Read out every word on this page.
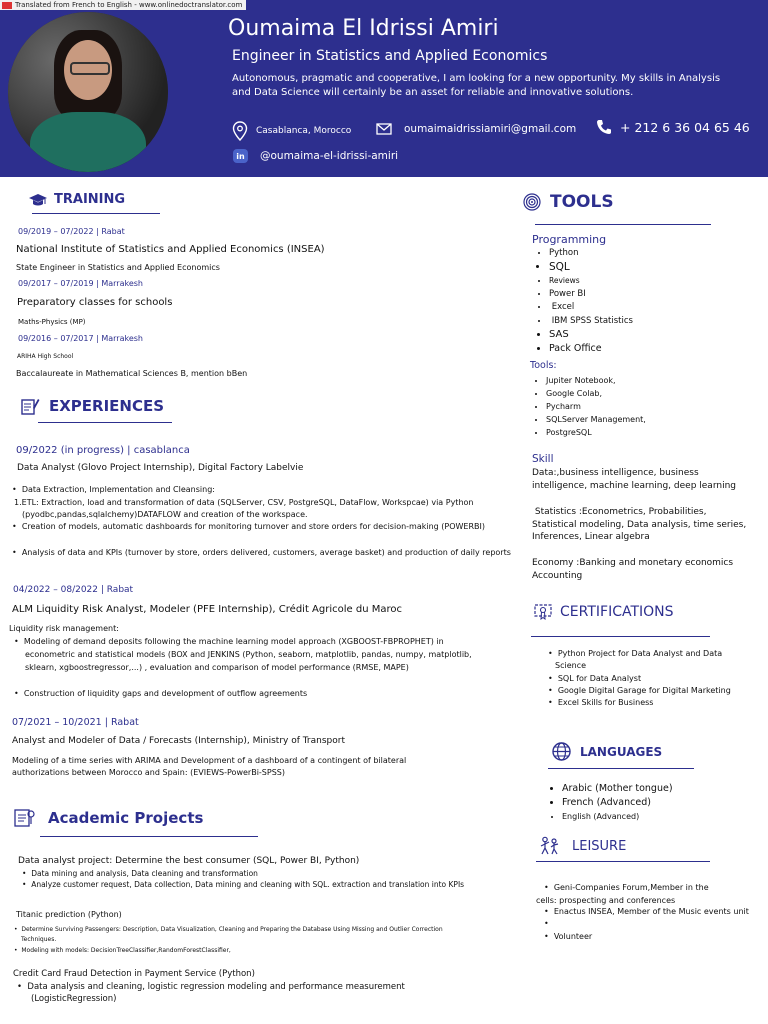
Translated from French to English - www.onlinedoctranslator.com
Oumaima El Idrissi Amiri
Engineer in Statistics and Applied Economics
Autonomous, pragmatic and cooperative, I am looking for a new opportunity. My skills in Analysis and Data Science will certainly be an asset for reliable and innovative solutions.
Casablanca, Morocco	oumaimaidrissiamiri@gmail.com	+ 212 6 36 04 65 46
in @oumaima-el-idrissi-amiri
TRAINING
09/2019 – 07/2022 | Rabat
National Institute of Statistics and Applied Economics (INSEA)
State Engineer in Statistics and Applied Economics
09/2017 – 07/2019 | Marrakesh
Preparatory classes for schools
Maths-Physics (MP)
09/2016 – 07/2017 | Marrakesh
ARIHA High School
Baccalaureate in Mathematical Sciences B, mention bBen
EXPERIENCES
09/2022 (in progress) | casablanca
Data Analyst (Glovo Project Internship), Digital Factory Labelvie
•  Data Extraction, Implementation and Cleansing:
1.ETL: Extraction, load and transformation of data (SQLServer, CSV, PostgreSQL, DataFlow, Workspcae) via Python
(pyodbc,pandas,sqlalchemy)DATAFLOW and creation of the workspace.
•  Creation of models, automatic dashboards for monitoring turnover and store orders for decision-making (POWERBI)
•  Analysis of data and KPIs (turnover by store, orders delivered, customers, average basket) and production of daily reports
04/2022 – 08/2022 | Rabat
ALM Liquidity Risk Analyst, Modeler (PFE Internship), Crédit Agricole du Maroc
Liquidity risk management:
•  Modeling of demand deposits following the machine learning model approach (XGBOOST-FBPROPHET) in
econometric and statistical models (BOX and JENKINS (Python, seaborn, matplotlib, pandas, numpy, matplotlib,
sklearn, xgboostregressor,...) , evaluation and comparison of model performance (RMSE, MAPE)
•  Construction of liquidity gaps and development of outflow agreements
07/2021 – 10/2021 | Rabat
Analyst and Modeler of Data / Forecasts (Internship), Ministry of Transport
Modeling of a time series with ARIMA and Development of a dashboard of a contingent of bilateral
authorizations between Morocco and Spain: (EVIEWS-PowerBi-SPSS)
Academic Projects
Data analyst project: Determine the best consumer (SQL, Power BI, Python)
•  Data mining and analysis, Data cleaning and transformation
•  Analyze customer request, Data collection, Data mining and cleaning with SQL. extraction and translation into KPIs
Titanic prediction (Python)
•  Determine Surviving Passengers: Description, Data Visualization, Cleaning and Preparing the Database Using Missing and Outlier Correction
Techniques.
•  Modeling with models: DecisionTreeClassifier,RandomForestClassifier,
Credit Card Fraud Detection in Payment Service (Python)
•  Data analysis and cleaning, logistic regression modeling and performance measurement
(LogisticRegression)
TOOLS
Programming
• Python
• SQL
• Reviews
• Power BI
•  Excel
•  IBM SPSS Statistics
• SAS
• Pack Office
Tools:
• Jupiter Notebook,
• Google Colab,
• Pycharm
• SQLServer Management,
• PostgreSQL
Skill
Data:,business intelligence, business
intelligence, machine learning, deep learning
Statistics :Econometrics, Probabilities,
Statistical modeling, Data analysis, time series,
Inferences, Linear algebra
Economy :Banking and monetary economics
Accounting
CERTIFICATIONS
•  Python Project for Data Analyst and Data
Science
•  SQL for Data Analyst
•  Google Digital Garage for Digital Marketing
•  Excel Skills for Business
LANGUAGES
• Arabic (Mother tongue)
• French (Advanced)
• English (Advanced)
LEISURE
•  Geni-Companies Forum,Member in the
cells: prospecting and conferences
•  Enactus INSEA, Member of the Music events unit
•
•  Volunteer
